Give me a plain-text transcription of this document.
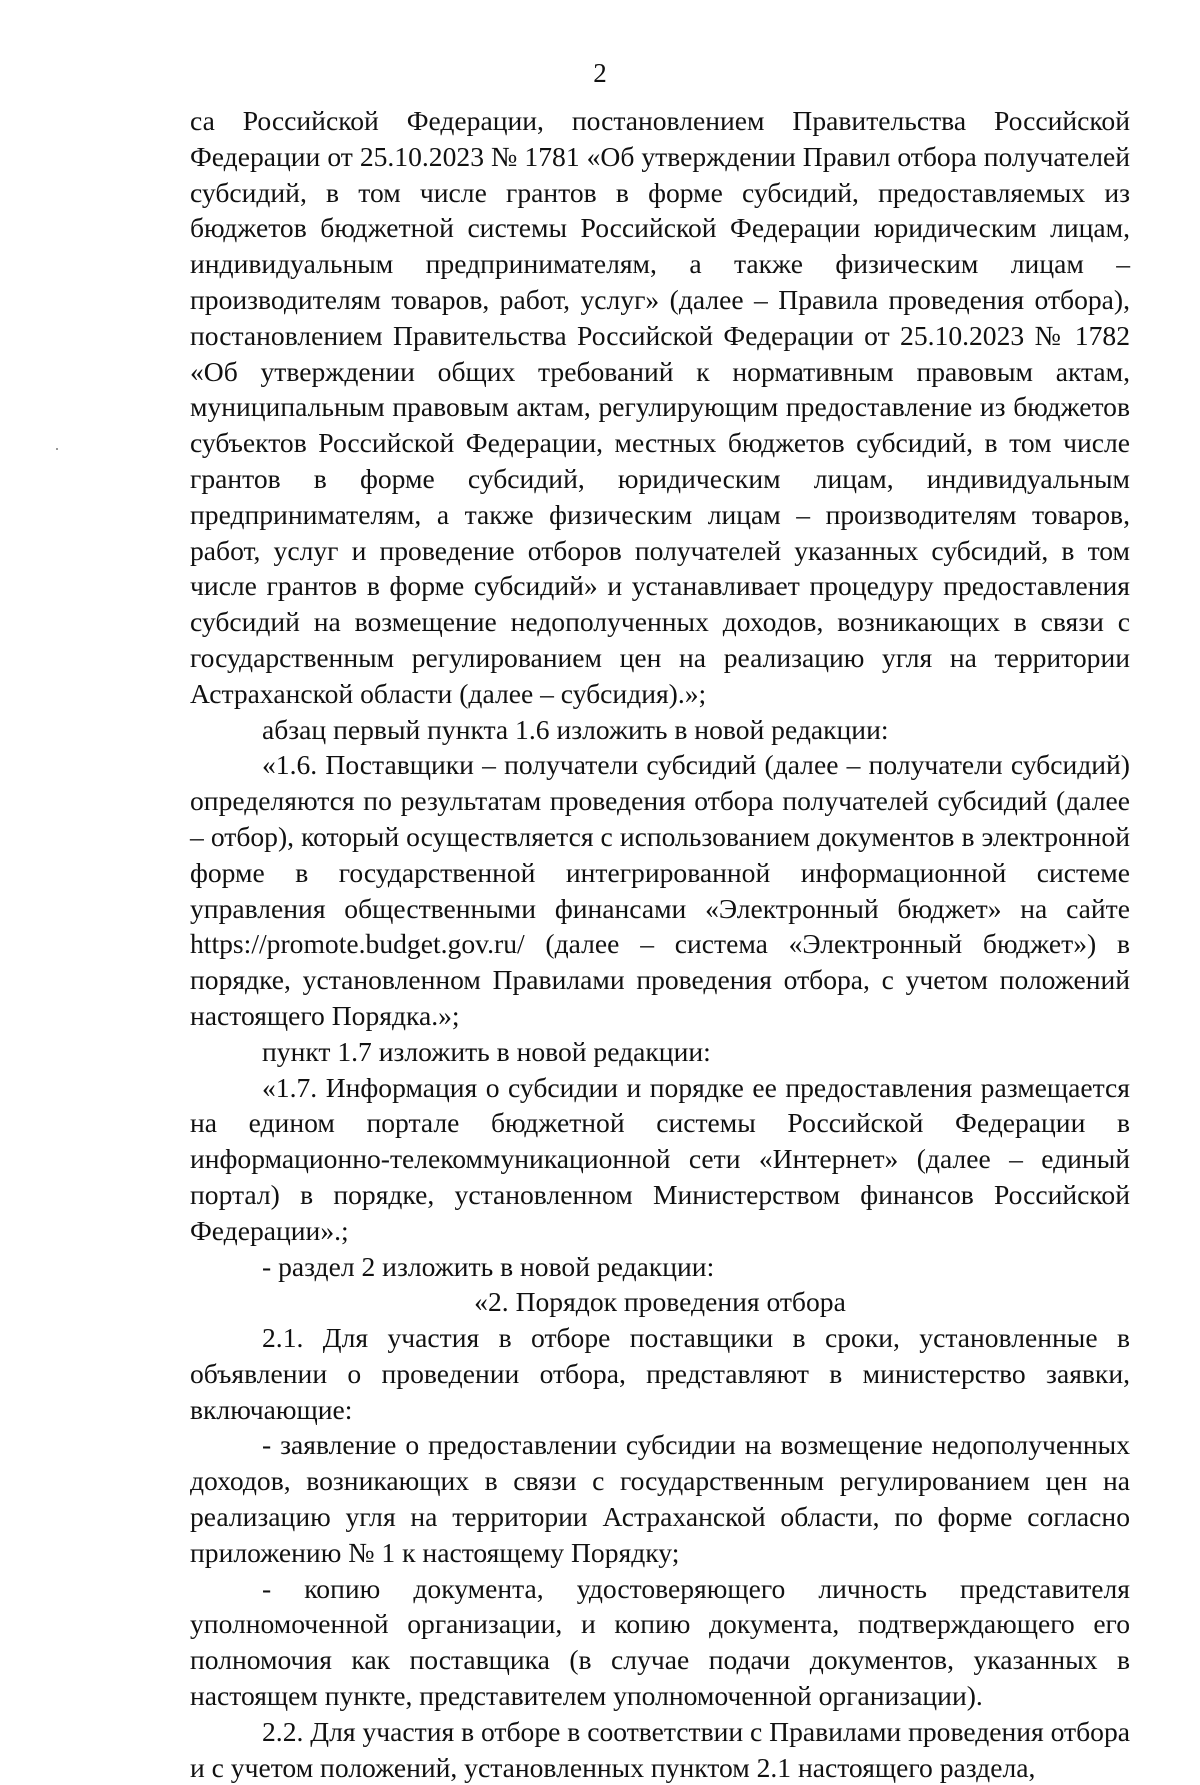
2

са Российской Федерации, постановлением Правительства Российской Федерации от 25.10.2023 № 1781 «Об утверждении Правил отбора получателей субсидий, в том числе грантов в форме субсидий, предоставляемых из бюджетов бюджетной системы Российской Федерации юридическим лицам, индивидуальным предпринимателям, а также физическим лицам – производителям товаров, работ, услуг» (далее – Правила проведения отбора), постановлением Правительства Российской Федерации от 25.10.2023 № 1782 «Об утверждении общих требований к нормативным правовым актам, муниципальным правовым актам, регулирующим предоставление из бюджетов субъектов Российской Федерации, местных бюджетов субсидий, в том числе грантов в форме субсидий, юридическим лицам, индивидуальным предпринимателям, а также физическим лицам – производителям товаров, работ, услуг и проведение отборов получателей указанных субсидий, в том числе грантов в форме субсидий» и устанавливает процедуру предоставления субсидий на возмещение недополученных доходов, возникающих в связи с государственным регулированием цен на реализацию угля на территории Астраханской области (далее – субсидия).»;

абзац первый пункта 1.6 изложить в новой редакции:

«1.6. Поставщики – получатели субсидий (далее – получатели субсидий) определяются по результатам проведения отбора получателей субсидий (далее – отбор), который осуществляется с использованием документов в электронной форме в государственной интегрированной информационной системе управления общественными финансами «Электронный бюджет» на сайте https://promote.budget.gov.ru/ (далее – система «Электронный бюджет») в порядке, установленном Правилами проведения отбора, с учетом положений настоящего Порядка.»;

пункт 1.7 изложить в новой редакции:

«1.7. Информация о субсидии и порядке ее предоставления размещается на едином портале бюджетной системы Российской Федерации в информационно-телекоммуникационной сети «Интернет» (далее – единый портал) в порядке, установленном Министерством финансов Российской Федерации».;

- раздел 2 изложить в новой редакции:

«2. Порядок проведения отбора

2.1. Для участия в отборе поставщики в сроки, установленные в объявлении о проведении отбора, представляют в министерство заявки, включающие:

- заявление о предоставлении субсидии на возмещение недополученных доходов, возникающих в связи с государственным регулированием цен на реализацию угля на территории Астраханской области, по форме согласно приложению № 1 к настоящему Порядку;

- копию документа, удостоверяющего личность представителя уполномоченной организации, и копию документа, подтверждающего его полномочия как поставщика (в случае подачи документов, указанных в настоящем пункте, представителем уполномоченной организации).

2.2. Для участия в отборе в соответствии с Правилами проведения отбора и с учетом положений, установленных пунктом 2.1 настоящего раздела,
